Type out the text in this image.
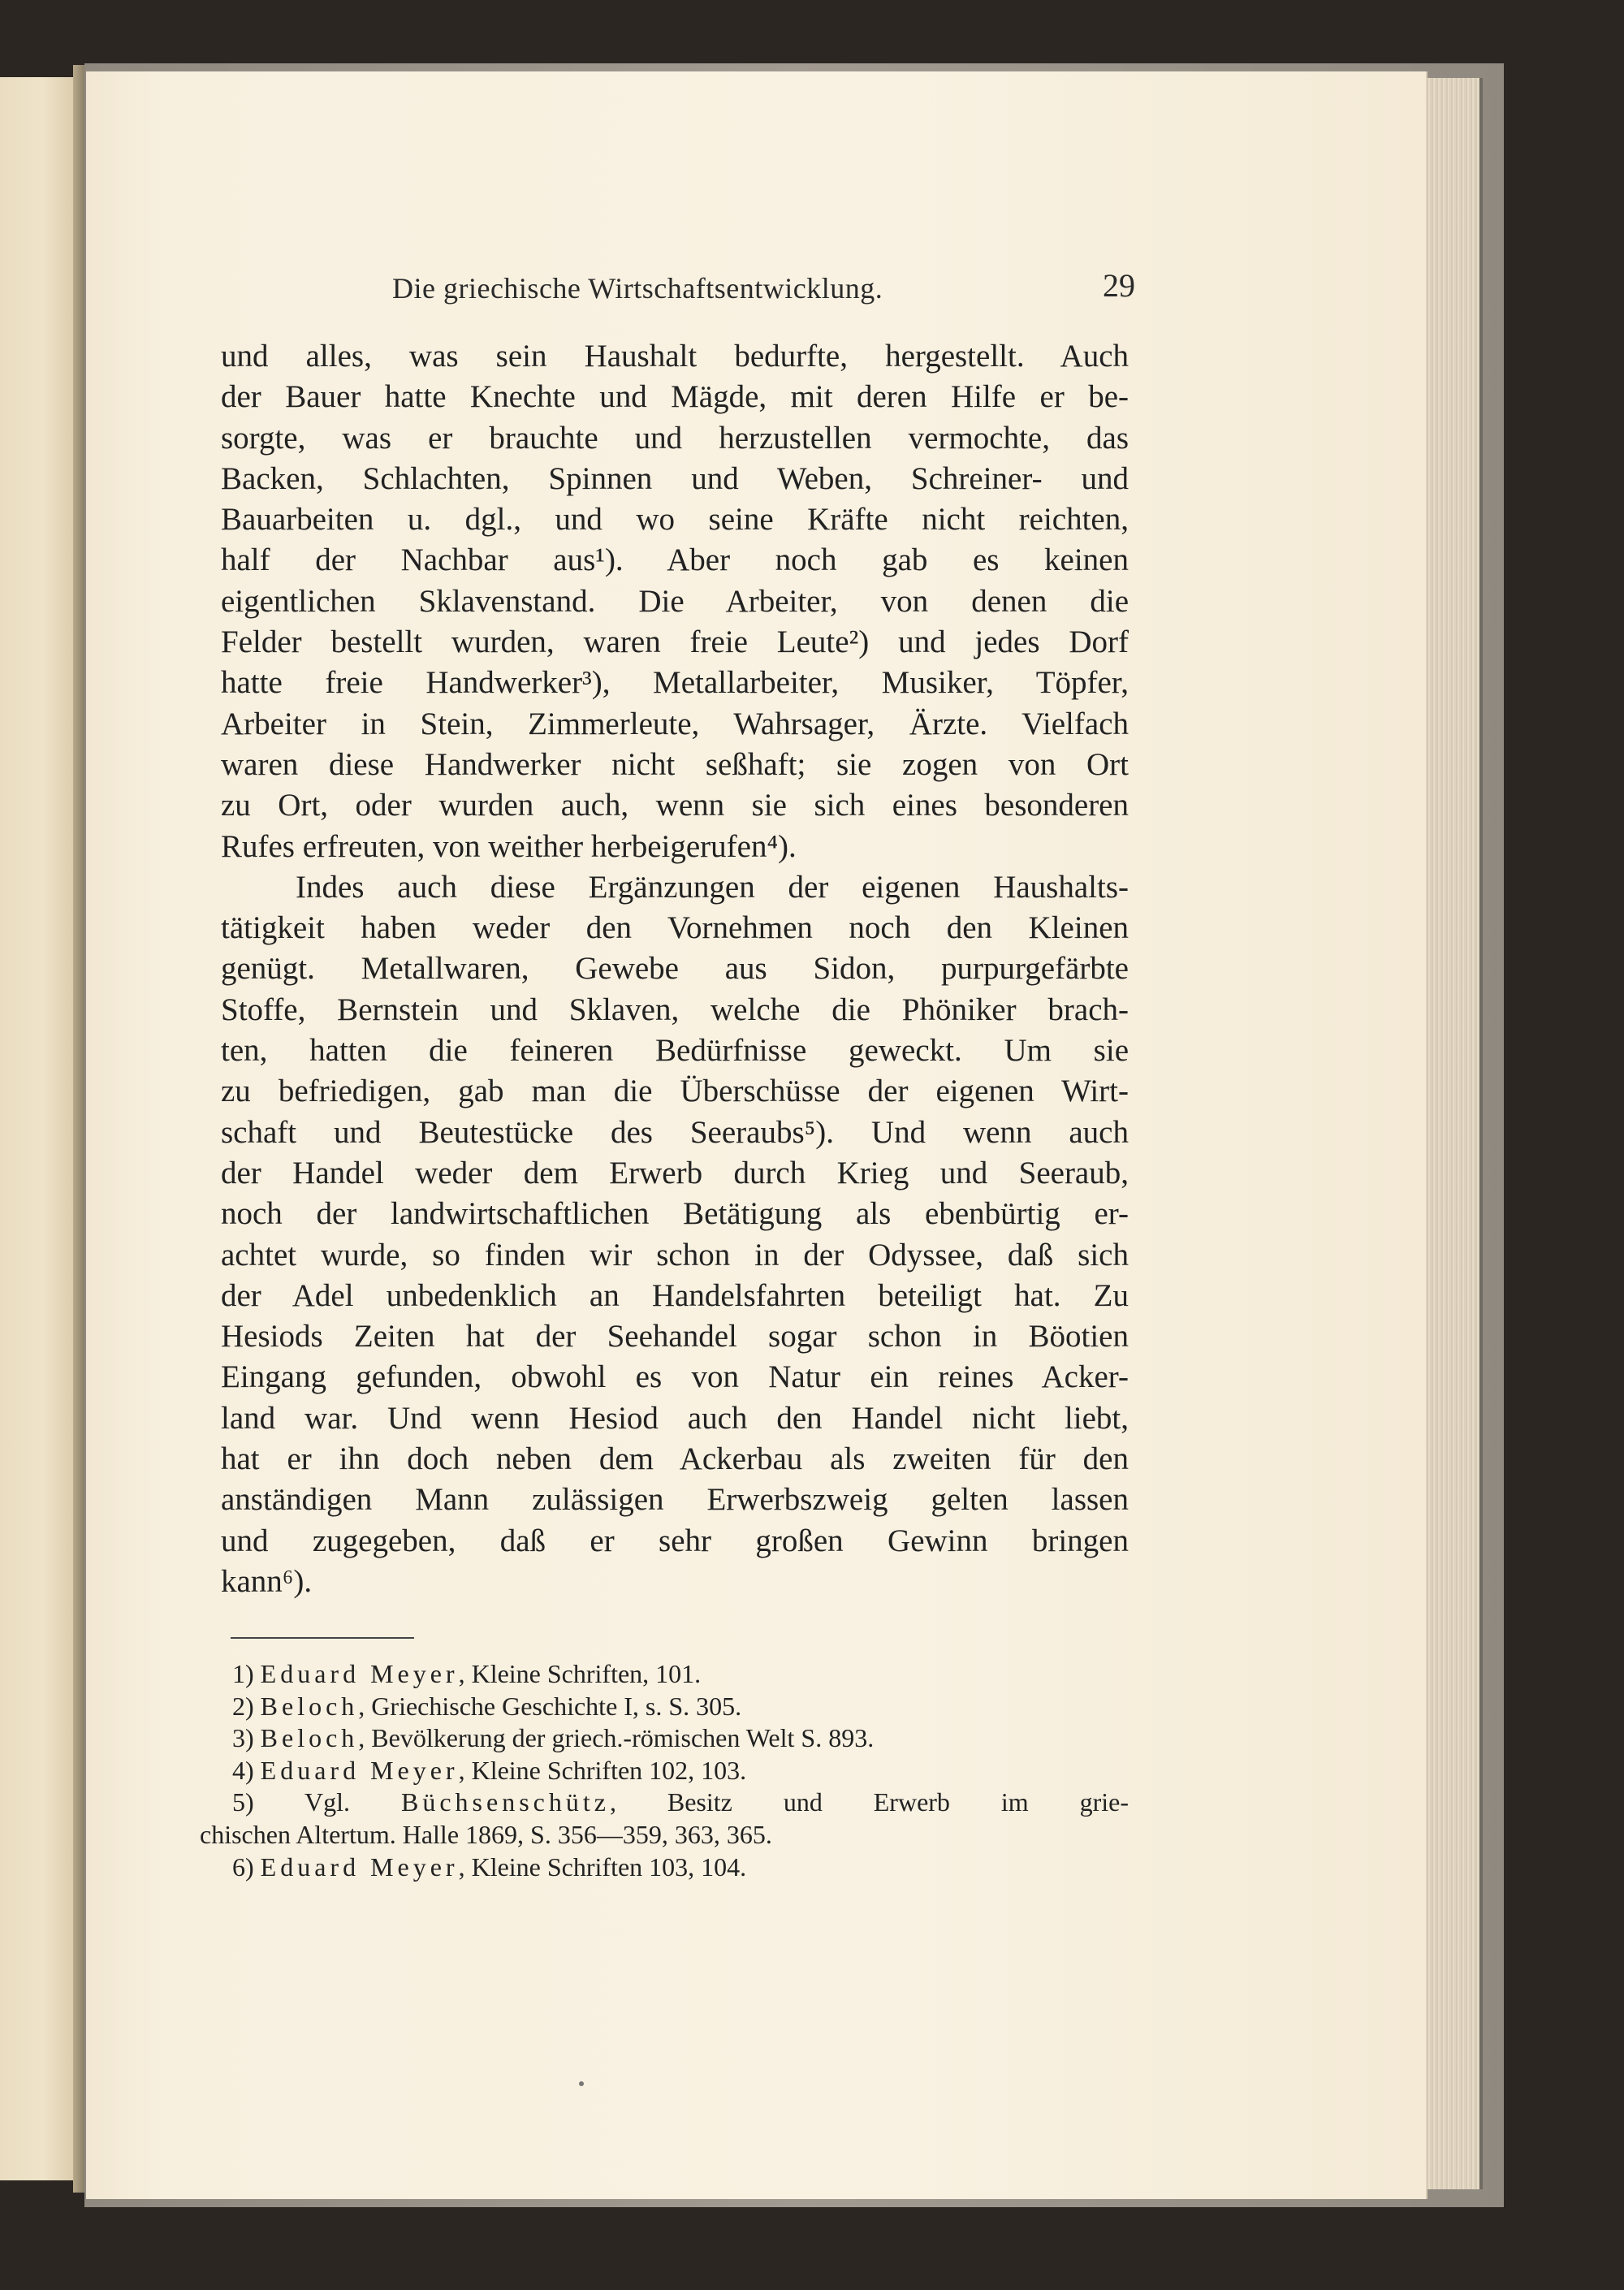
Die griechische Wirtschaftsentwicklung.	29
und alles, was sein Haushalt bedurfte, hergestellt. Auch
der Bauer hatte Knechte und Mägde, mit deren Hilfe er be-
sorgte, was er brauchte und herzustellen vermochte, das
Backen, Schlachten, Spinnen und Weben, Schreiner- und
Bauarbeiten u. dgl., und wo seine Kräfte nicht reichten,
half der Nachbar aus¹). Aber noch gab es keinen
eigentlichen Sklavenstand. Die Arbeiter, von denen die
Felder bestellt wurden, waren freie Leute²) und jedes Dorf
hatte freie Handwerker³), Metallarbeiter, Musiker, Töpfer,
Arbeiter in Stein, Zimmerleute, Wahrsager, Ärzte. Vielfach
waren diese Handwerker nicht seßhaft; sie zogen von Ort
zu Ort, oder wurden auch, wenn sie sich eines besonderen
Rufes erfreuten, von weither herbeigerufen⁴).
Indes auch diese Ergänzungen der eigenen Haushalts-
tätigkeit haben weder den Vornehmen noch den Kleinen
genügt. Metallwaren, Gewebe aus Sidon, purpurgefärbte
Stoffe, Bernstein und Sklaven, welche die Phöniker brach-
ten, hatten die feineren Bedürfnisse geweckt. Um sie
zu befriedigen, gab man die Überschüsse der eigenen Wirt-
schaft und Beutestücke des Seeraubs⁵). Und wenn auch
der Handel weder dem Erwerb durch Krieg und Seeraub,
noch der landwirtschaftlichen Betätigung als ebenbürtig er-
achtet wurde, so finden wir schon in der Odyssee, daß sich
der Adel unbedenklich an Handelsfahrten beteiligt hat. Zu
Hesiods Zeiten hat der Seehandel sogar schon in Böotien
Eingang gefunden, obwohl es von Natur ein reines Acker-
land war. Und wenn Hesiod auch den Handel nicht liebt,
hat er ihn doch neben dem Ackerbau als zweiten für den
anständigen Mann zulässigen Erwerbszweig gelten lassen
und zugegeben, daß er sehr großen Gewinn bringen
kann⁶).
1) Eduard Meyer, Kleine Schriften, 101.
2) Beloch, Griechische Geschichte I, s. S. 305.
3) Beloch, Bevölkerung der griech.-römischen Welt S. 893.
4) Eduard Meyer, Kleine Schriften 102, 103.
5) Vgl. Büchsenschütz, Besitz und Erwerb im grie-
chischen Altertum. Halle 1869, S. 356—359, 363, 365.
6) Eduard Meyer, Kleine Schriften 103, 104.
